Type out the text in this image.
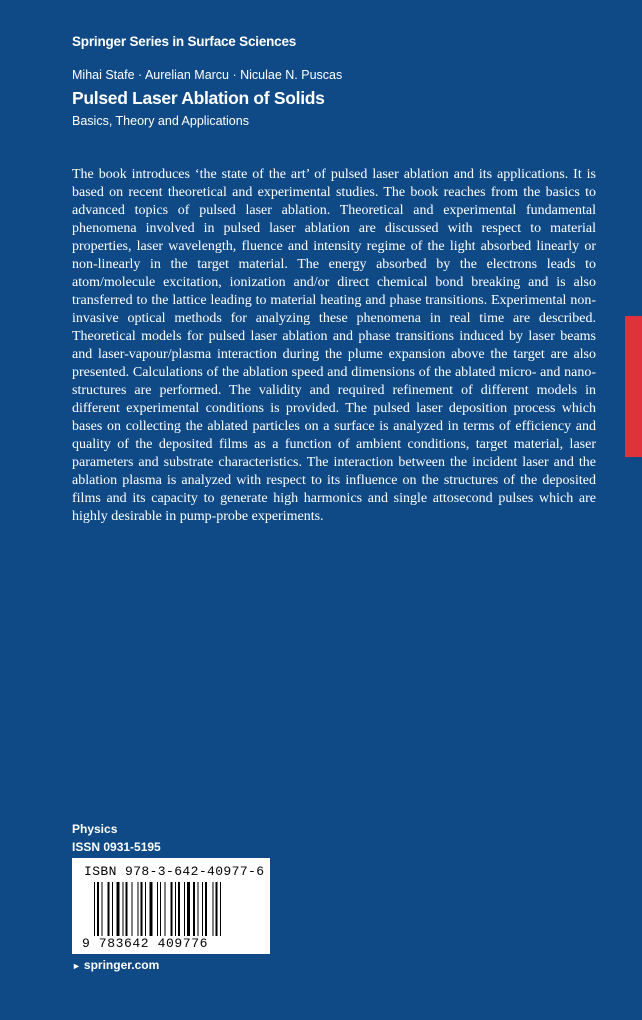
Springer Series in Surface Sciences
Mihai Stafe · Aurelian Marcu · Niculae N. Puscas
Pulsed Laser Ablation of Solids
Basics, Theory and Applications

The book introduces ‘the state of the art’ of pulsed laser ablation and its applications. It is based on recent theoretical and experimental studies. The book reaches from the basics to advanced topics of pulsed laser ablation. Theoretical and experimental fundamental phenomena involved in pulsed laser ablation are discussed with respect to material properties, laser wavelength, fluence and intensity regime of the light absorbed linearly or non-linearly in the target material. The energy absorbed by the electrons leads to atom/molecule excitation, ionization and/or direct chemical bond breaking and is also transferred to the lattice leading to material heating and phase transitions. Experimental non-invasive optical methods for analyzing these phenomena in real time are described. Theoretical models for pulsed laser ablation and phase transitions induced by laser beams and laser-vapour/plasma interaction during the plume expansion above the target are also presented. Calculations of the ablation speed and dimensions of the ablated micro- and nano-structures are performed. The validity and required refinement of different models in different experimental conditions is provided. The pulsed laser deposition process which bases on collecting the ablated particles on a surface is analyzed in terms of efficiency and quality of the deposited films as a function of ambient conditions, target material, laser parameters and substrate characteristics. The interaction between the incident laser and the ablation plasma is analyzed with respect to its influence on the structures of the deposited films and its capacity to generate high harmonics and single attosecond pulses which are highly desirable in pump-probe experiments.

Physics
ISSN 0931-5195
ISBN 978-3-642-40977-6
9 783642 409776
► springer.com
